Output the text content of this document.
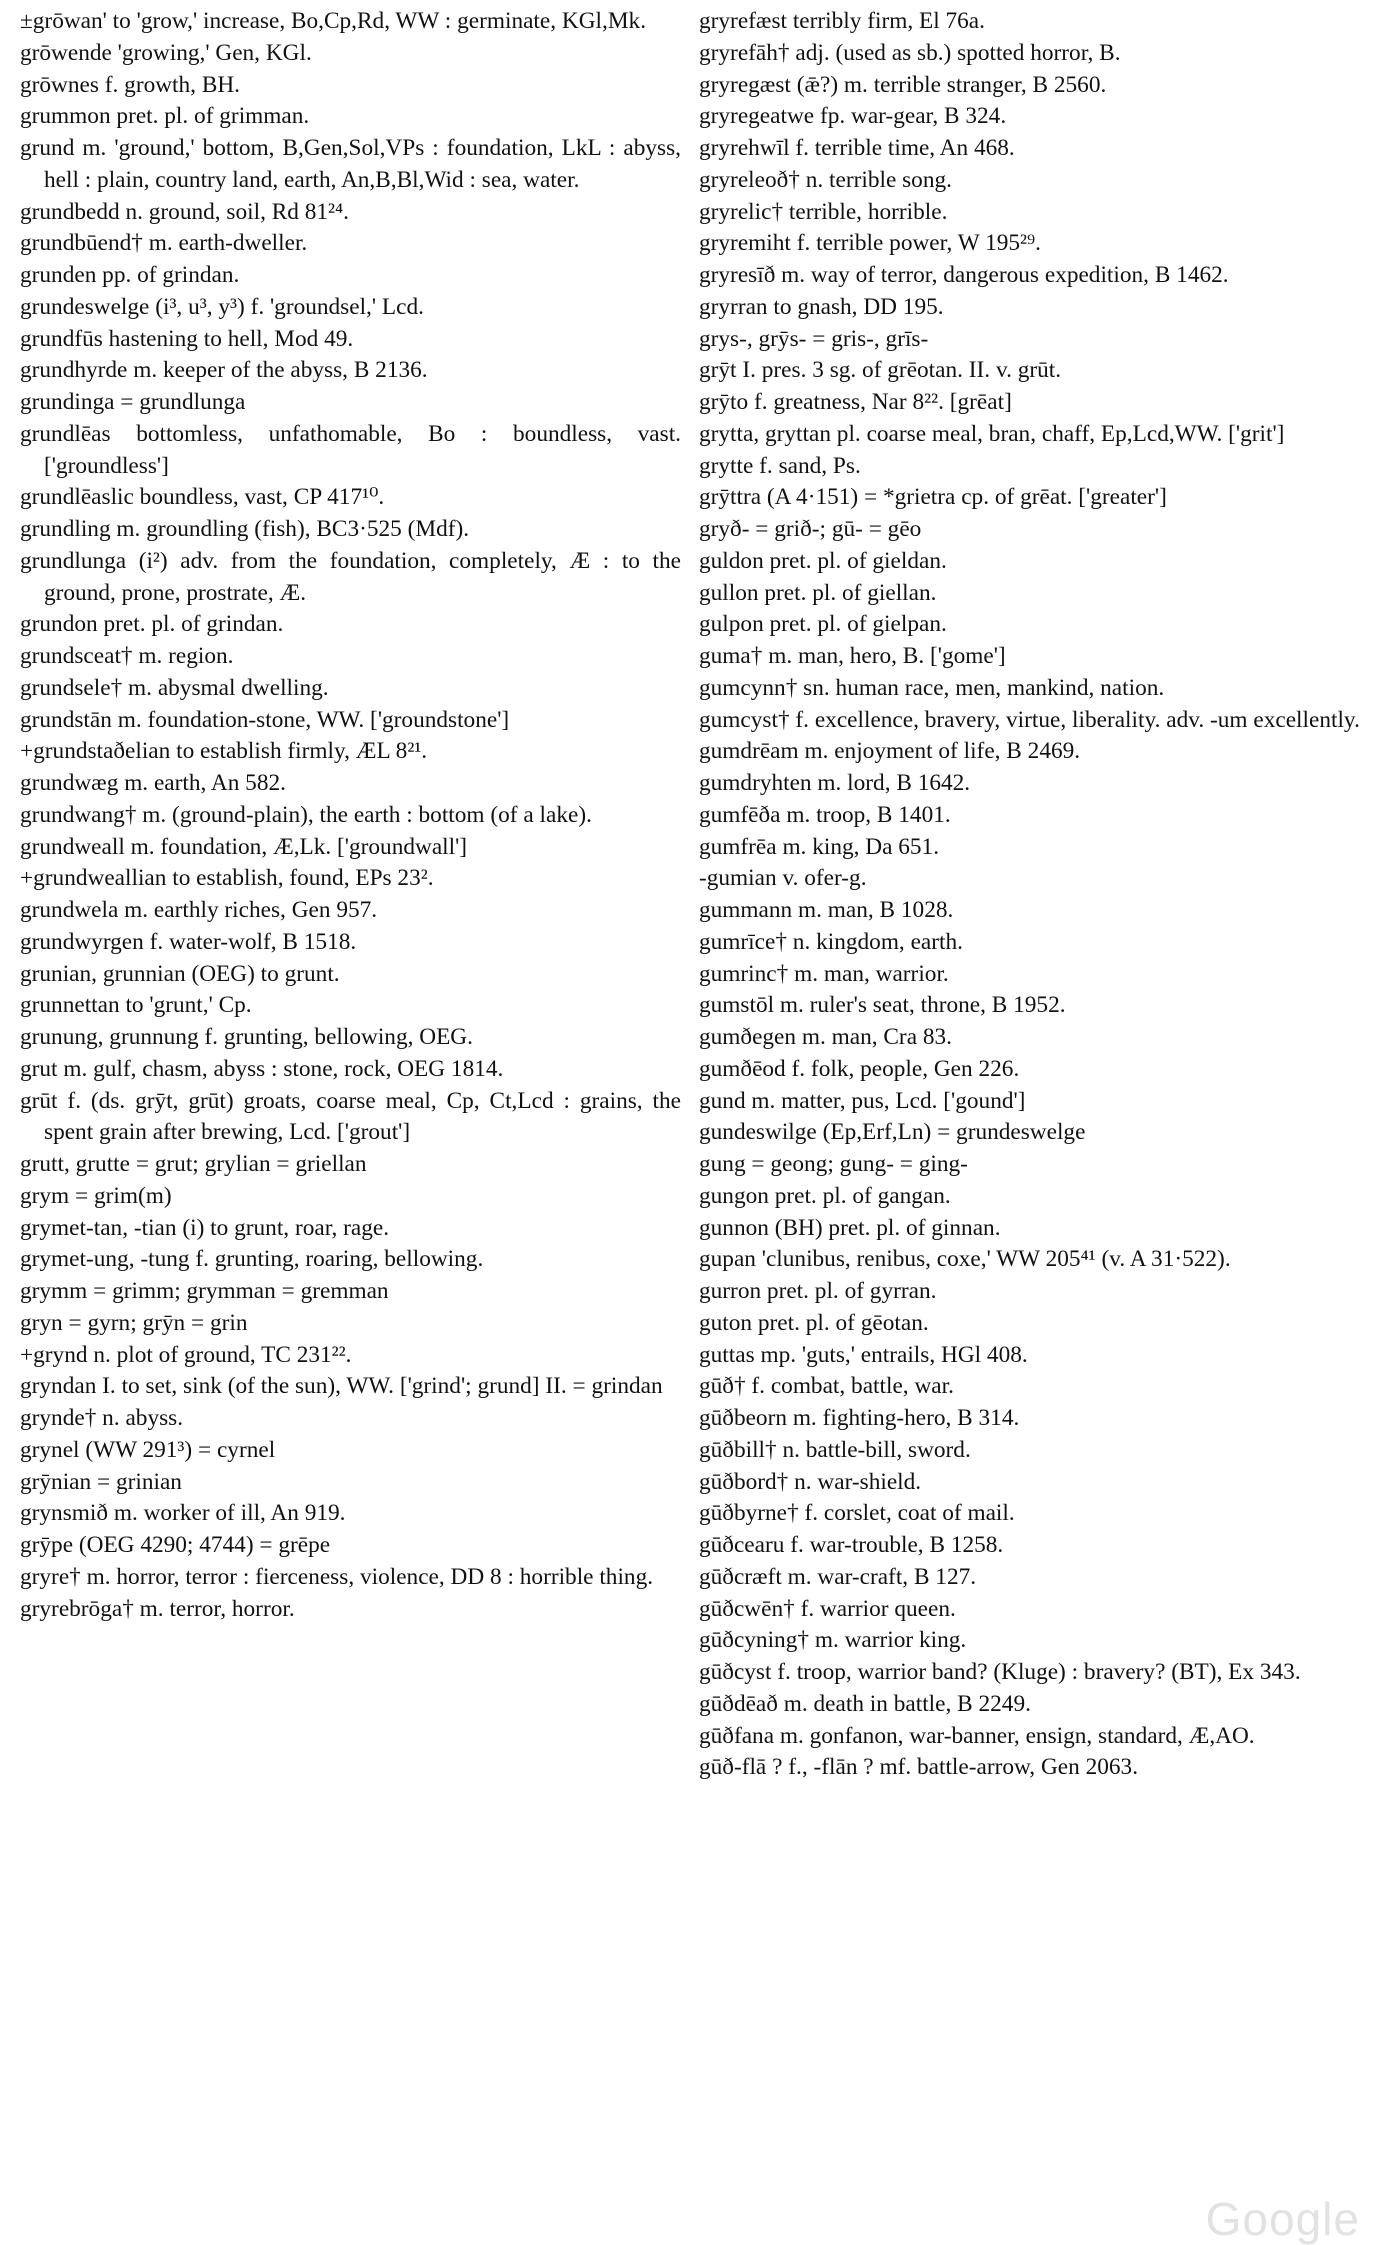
±grōwan' to 'grow,' increase, Bo,Cp,Rd, WW : germinate, KGl,Mk.

grōwende 'growing,' Gen, KGl.

grōwnes f. growth, BH.

grummon pret. pl. of grimman.

grund m. 'ground,' bottom, B,Gen,Sol,VPs : foundation, LkL : abyss, hell : plain, country land, earth, An,B,Bl,Wid : sea, water.

grundbedd n. ground, soil, Rd 81²⁴.

grundbūend† m. earth-dweller.

grunden pp. of grindan.

grundeswelge (i³, u³, y³) f. 'groundsel,' Lcd.

grundfūs hastening to hell, Mod 49.

grundhyrde m. keeper of the abyss, B 2136.

grundinga = grundlunga

grundlēas bottomless, unfathomable, Bo : boundless, vast. ['groundless']

grundlēaslic boundless, vast, CP 417¹⁰.

grundling m. groundling (fish), BC3·525 (Mdf).

grundlunga (i²) adv. from the foundation, completely, Æ : to the ground, prone, prostrate, Æ.

grundon pret. pl. of grindan.

grundsceat† m. region.

grundsele† m. abysmal dwelling.

grundstān m. foundation-stone, WW. ['groundstone']

+grundstaðelian to establish firmly, ÆL 8²¹.

grundwæg m. earth, An 582.

grundwang† m. (ground-plain), the earth : bottom (of a lake).

grundweall m. foundation, Æ,Lk. ['groundwall']

+grundweallian to establish, found, EPs 23².

grundwela m. earthly riches, Gen 957.

grundwyrgen f. water-wolf, B 1518.

grunian, grunnian (OEG) to grunt.

grunnettan to 'grunt,' Cp.

grunung, grunnung f. grunting, bellowing, OEG.

grut m. gulf, chasm, abyss : stone, rock, OEG 1814.

grūt f. (ds. grӯt, grūt) groats, coarse meal, Cp, Ct,Lcd : grains, the spent grain after brewing, Lcd. ['grout']

grutt, grutte = grut; grylian = griellan

grym = grim(m)

grymet-tan, -tian (i) to grunt, roar, rage.

grymet-ung, -tung f. grunting, roaring, bellowing.

grymm = grimm; grymman = gremman

gryn = gyrn; grӯn = grin

+grynd n. plot of ground, TC 231²².

gryndan I. to set, sink (of the sun), WW. ['grind'; grund] II. = grindan

grynde† n. abyss.

grynel (WW 291³) = cyrnel

grӯnian = grinian

grynsmið m. worker of ill, An 919.

grӯpe (OEG 4290; 4744) = grēpe

gryre† m. horror, terror : fierceness, violence, DD 8 : horrible thing.

gryrebrōga† m. terror, horror.

gryrefæst terribly firm, El 76a.

gryrefāh† adj. (used as sb.) spotted horror, B.

gryregæst (ǣ?) m. terrible stranger, B 2560.

gryregeatwe fp. war-gear, B 324.

gryrehwīl f. terrible time, An 468.

gryreleoð† n. terrible song.

gryrelic† terrible, horrible.

gryremiht f. terrible power, W 195²⁹.

gryresīð m. way of terror, dangerous expedition, B 1462.

gryrran to gnash, DD 195.

grys-, grӯs- = gris-, grīs-

grӯt I. pres. 3 sg. of grēotan. II. v. grūt.

grӯto f. greatness, Nar 8²². [grēat]

grytta, gryttan pl. coarse meal, bran, chaff, Ep,Lcd,WW. ['grit']

grytte f. sand, Ps.

grӯttra (A 4·151) = *grietra cp. of grēat. ['greater']

gryð- = grið-; gū- = gēo

guldon pret. pl. of gieldan.

gullon pret. pl. of giellan.

gulpon pret. pl. of gielpan.

guma† m. man, hero, B. ['gome']

gumcynn† sn. human race, men, mankind, nation.

gumcyst† f. excellence, bravery, virtue, liberality. adv. -um excellently.

gumdrēam m. enjoyment of life, B 2469.

gumdryhten m. lord, B 1642.

gumfēða m. troop, B 1401.

gumfrēa m. king, Da 651.

-gumian v. ofer-g.

gummann m. man, B 1028.

gumrīce† n. kingdom, earth.

gumrinc† m. man, warrior.

gumstōl m. ruler's seat, throne, B 1952.

gumðegen m. man, Cra 83.

gumðēod f. folk, people, Gen 226.

gund m. matter, pus, Lcd. ['gound']

gundeswilge (Ep,Erf,Ln) = grundeswelge

gung = geong; gung- = ging-

gungon pret. pl. of gangan.

gunnon (BH) pret. pl. of ginnan.

gupan 'clunibus, renibus, coxe,' WW 205⁴¹ (v. A 31·522).

gurron pret. pl. of gyrran.

guton pret. pl. of gēotan.

guttas mp. 'guts,' entrails, HGl 408.

gūð† f. combat, battle, war.

gūðbeorn m. fighting-hero, B 314.

gūðbill† n. battle-bill, sword.

gūðbord† n. war-shield.

gūðbyrne† f. corslet, coat of mail.

gūðcearu f. war-trouble, B 1258.

gūðcræft m. war-craft, B 127.

gūðcwēn† f. warrior queen.

gūðcyning† m. warrior king.

gūðcyst f. troop, warrior band? (Kluge) : bravery? (BT), Ex 343.

gūðdēað m. death in battle, B 2249.

gūðfana m. gonfanon, war-banner, ensign, standard, Æ,AO.

gūð-flā ? f., -flān ? mf. battle-arrow, Gen 2063.

Google
